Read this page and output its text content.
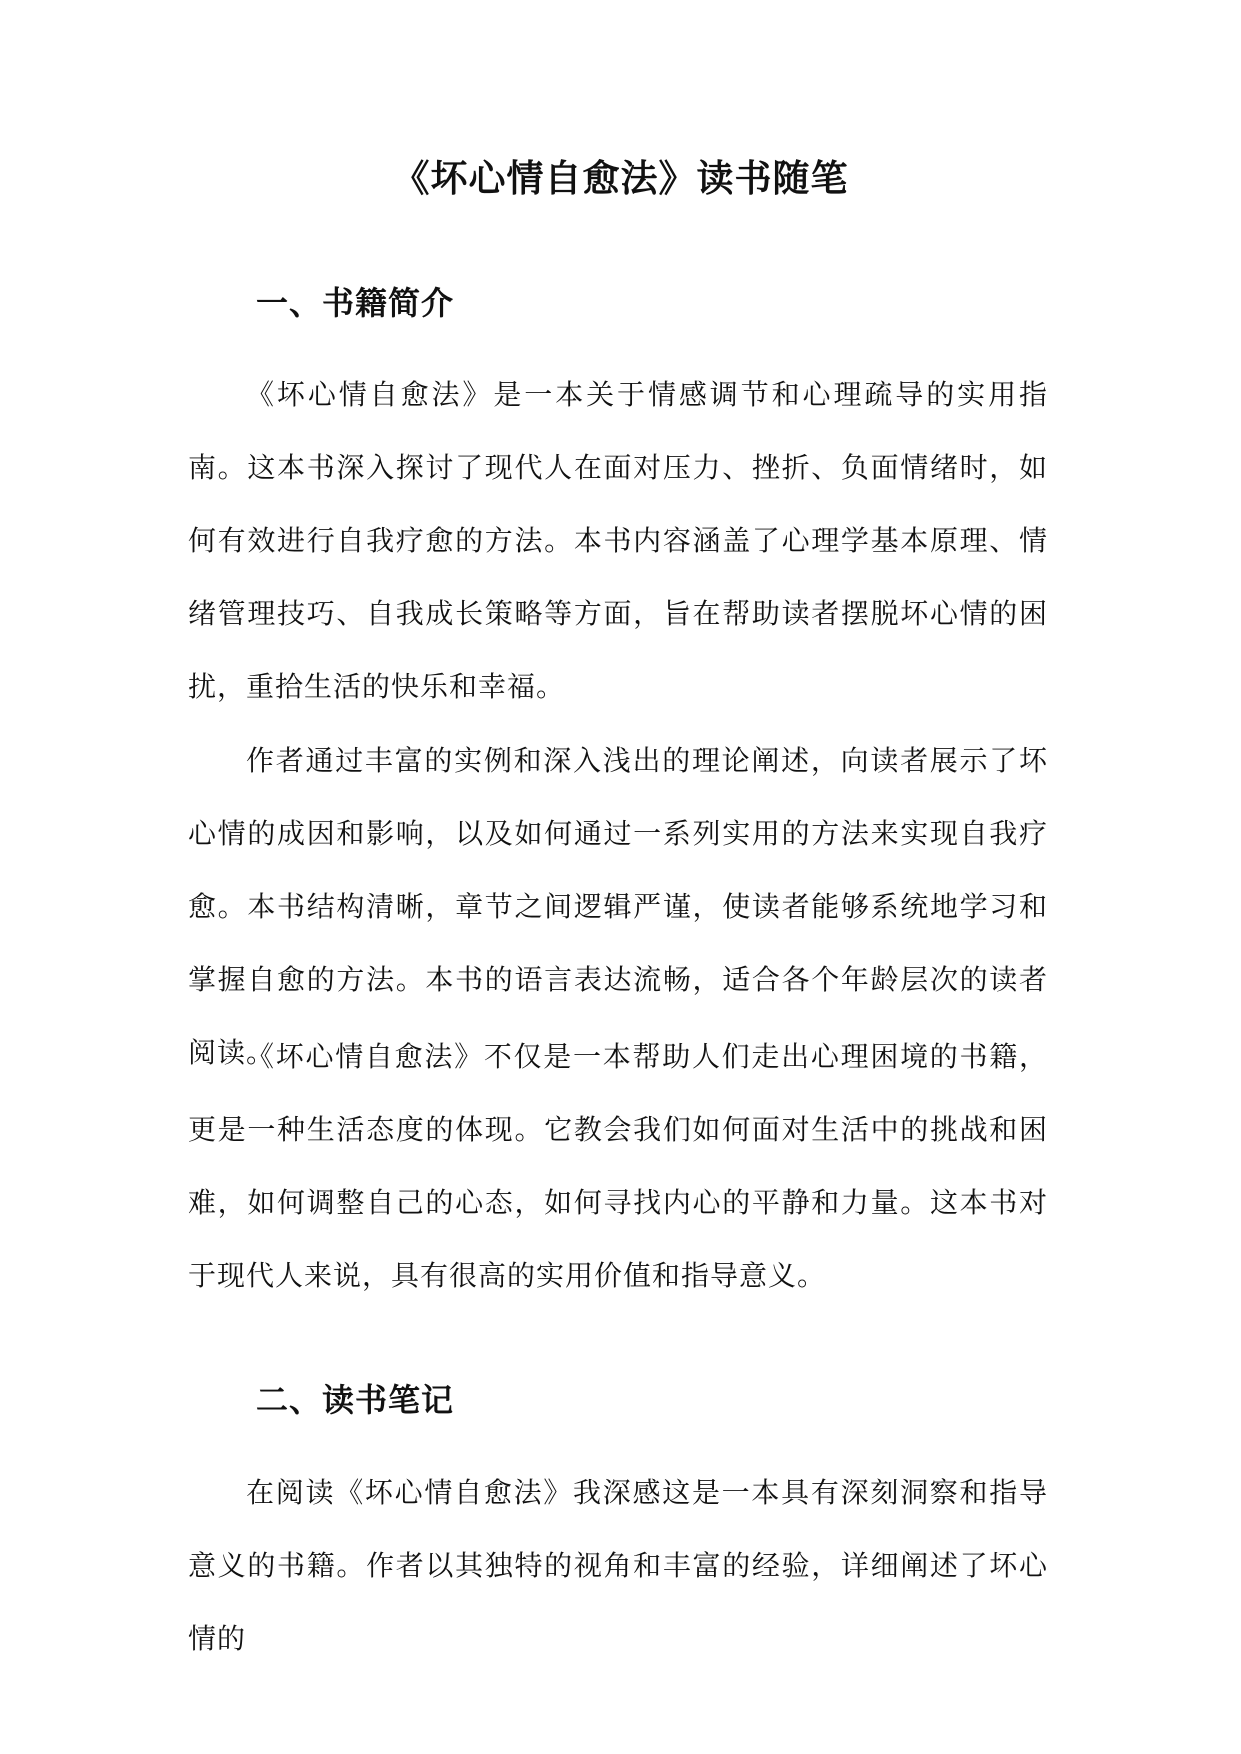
《坏心情自愈法》读书随笔
一、书籍简介

《坏心情自愈法》是一本关于情感调节和心理疏导的实用指南。这本书深入探讨了现代人在面对压力、挫折、负面情绪时，如何有效进行自我疗愈的方法。本书内容涵盖了心理学基本原理、情绪管理技巧、自我成长策略等方面，旨在帮助读者摆脱坏心情的困扰，重拾生活的快乐和幸福。

作者通过丰富的实例和深入浅出的理论阐述，向读者展示了坏心情的成因和影响，以及如何通过一系列实用的方法来实现自我疗愈。本书结构清晰，章节之间逻辑严谨，使读者能够系统地学习和掌握自愈的方法。本书的语言表达流畅，适合各个年龄层次的读者阅读。

《坏心情自愈法》不仅是一本帮助人们走出心理困境的书籍，更是一种生活态度的体现。它教会我们如何面对生活中的挑战和困难，如何调整自己的心态，如何寻找内心的平静和力量。这本书对于现代人来说，具有很高的实用价值和指导意义。

二、读书笔记

在阅读《坏心情自愈法》我深感这是一本具有深刻洞察和指导意义的书籍。作者以其独特的视角和丰富的经验，详细阐述了坏心情的
